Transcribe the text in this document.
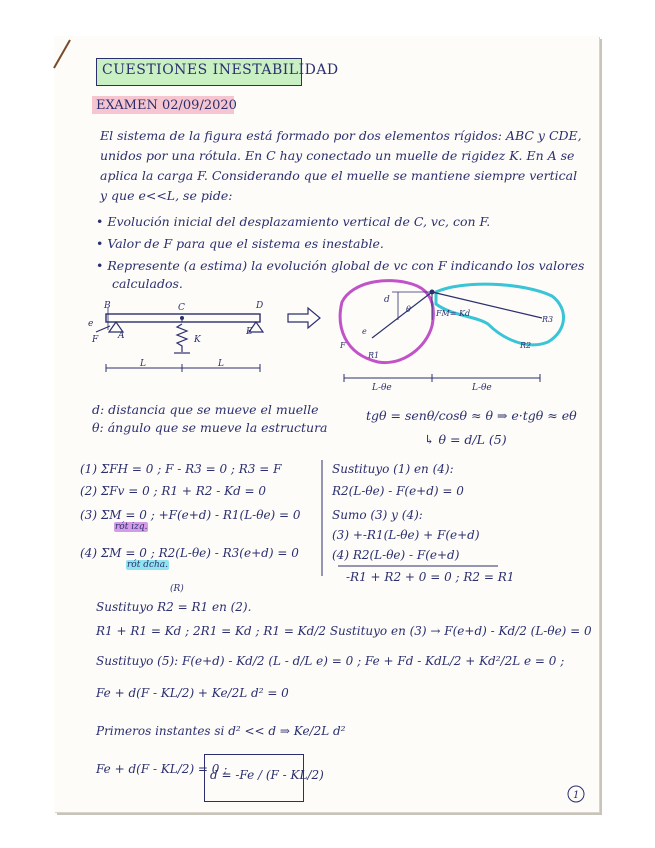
CUESTIONES INESTABILIDAD
EXAMEN 02/09/2020
El sistema de la figura está formado por dos elementos rígidos: ABC y CDE,
unidos por una rótula. En C hay conectado un muelle de rigidez K. En A se
aplica la carga F. Considerando que el muelle se mantiene siempre vertical
y que e<<L, se pide:
• Evolución inicial del desplazamiento vertical de C, vc, con F.
• Valor de F para que el sistema es inestable.
• Represente (a estima) la evolución global de vc con F indicando los valores
calculados.
B	C	D
e
F A	K
E
L	L
d
θ	FM= Kd
e
F
R1
R3
R2
L-θe	L-θe
d: distancia que se mueve el muelle
θ: ángulo que se mueve la estructura
tgθ = senθ/cosθ ≈ θ ⇒ e·tgθ ≈ eθ
↳ θ = d/L (5)
(1) ΣFH = 0 ; F - R3 = 0 ; R3 = F
(2) ΣFv = 0 ; R1 + R2 - Kd = 0
(3) ΣM = 0 ; +F(e+d) - R1(L-θe) = 0
rót izq.
(4) ΣM = 0 ; R2(L-θe) - R3(e+d) = 0
rót dcha.
Sustituyo (1) en (4):
R2(L-θe) - F(e+d) = 0
Sumo (3) y (4):
(3) +-R1(L-θe) + F(e+d)
(4) R2(L-θe) - F(e+d)
-R1 + R2 + 0 = 0 ; R2 = R1
(R)
Sustituyo R2 = R1 en (2).
R1 + R1 = Kd ; 2R1 = Kd ; R1 = Kd/2 Sustituyo en (3) → F(e+d) - Kd/2 (L-θe) = 0
Sustituyo (5): F(e+d) - Kd/2 (L - d/L e) = 0 ; Fe + Fd - KdL/2 + Kd²/2L e = 0 ;
Fe + d(F - KL/2) + Ke/2L d² = 0
Primeros instantes si d² << d ⇒ Ke/2L d²
Fe + d(F - KL/2) = 0 ;
d = -Fe / (F - KL/2)
1
